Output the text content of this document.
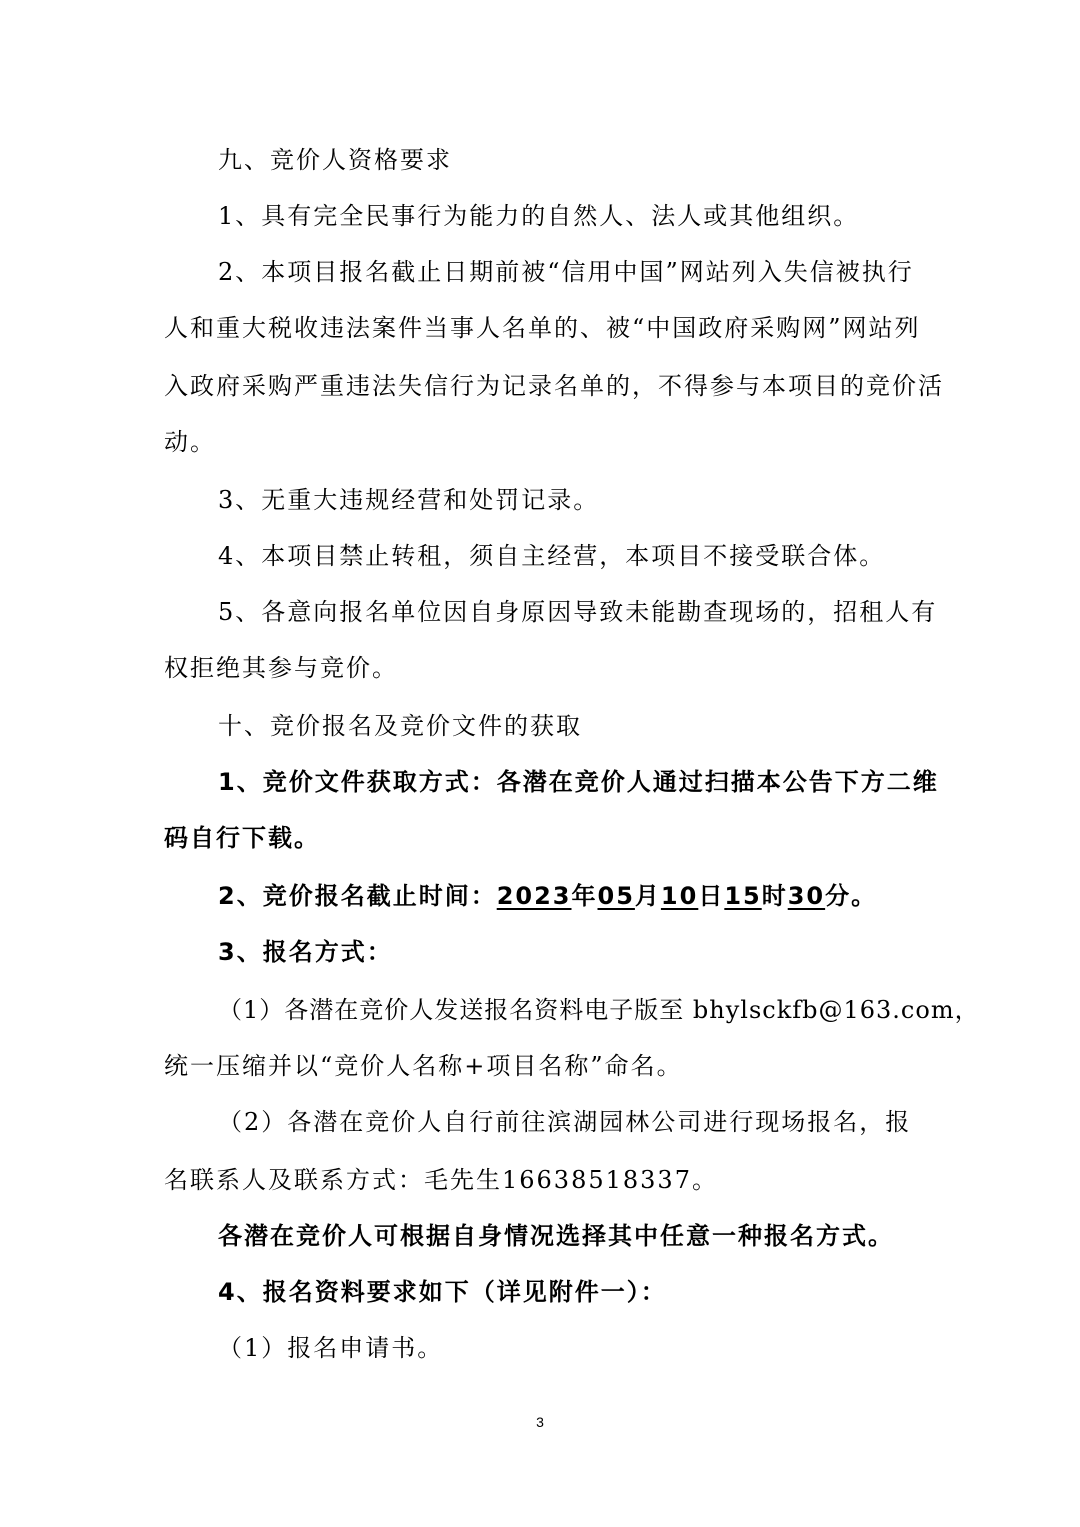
九、竞价人资格要求
1、具有完全民事行为能力的自然人、法人或其他组织。
2、本项目报名截止日期前被“信用中国”网站列入失信被执行
人和重大税收违法案件当事人名单的、被“中国政府采购网”网站列
入政府采购严重违法失信行为记录名单的，不得参与本项目的竞价活
动。
3、无重大违规经营和处罚记录。
4、本项目禁止转租，须自主经营，本项目不接受联合体。
5、各意向报名单位因自身原因导致未能勘查现场的，招租人有
权拒绝其参与竞价。
十、竞价报名及竞价文件的获取
1、竞价文件获取方式：各潜在竞价人通过扫描本公告下方二维
码自行下载。
2、竞价报名截止时间：2023年05月10日15时30分。
3、报名方式：
（1）各潜在竞价人发送报名资料电子版至 bhylsckfb@163.com，
统一压缩并以“竞价人名称+项目名称”命名。
（2）各潜在竞价人自行前往滨湖园林公司进行现场报名，报
名联系人及联系方式：毛先生16638518337。
各潜在竞价人可根据自身情况选择其中任意一种报名方式。
4、报名资料要求如下（详见附件一）：
（1）报名申请书。
3
